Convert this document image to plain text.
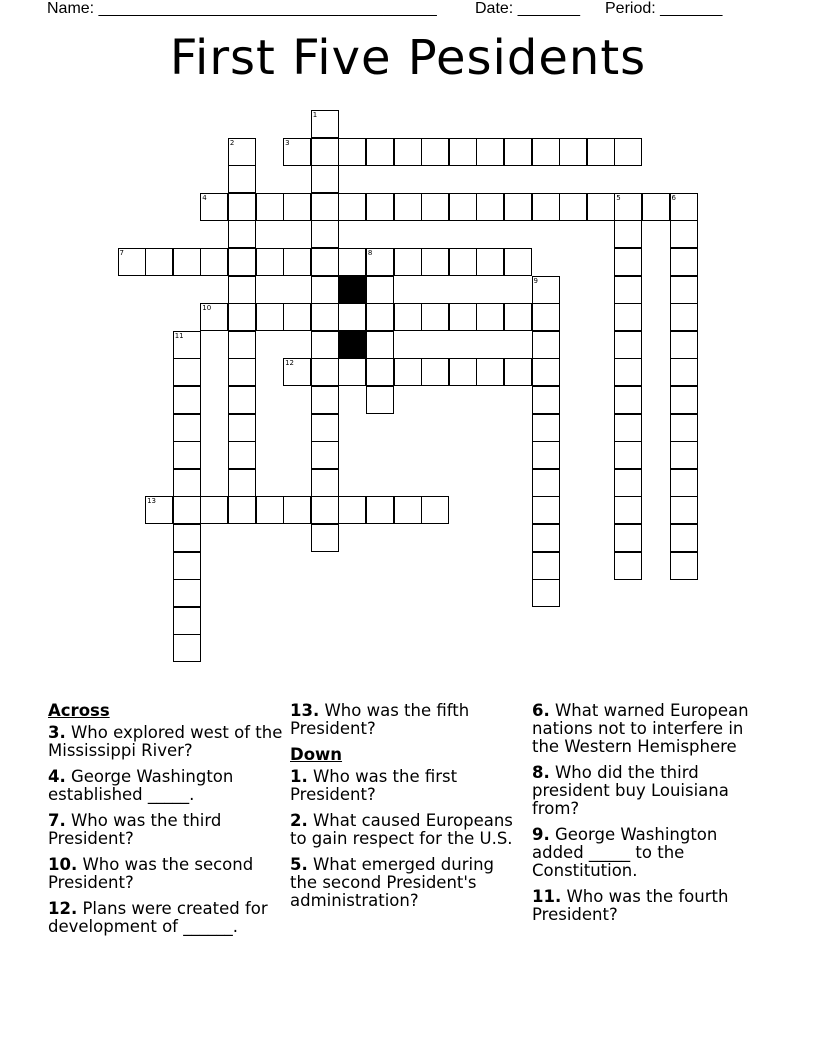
Name: ______________________________________ Date: _______ Period: _______
First Five Pesidents
1
2	3
4	5	6
7	8
9
10
11
12
13
Across
3. Who explored west of the Mississippi River?
4. George Washington established _____.
7. Who was the third President?
10. Who was the second President?
12. Plans were created for development of ______.
13. Who was the fifth President?
Down
1. Who was the first President?
2. What caused Europeans to gain respect for the U.S.
5. What emerged during the second President's administration?
6. What warned European nations not to interfere in the Western Hemisphere
8. Who did the third president buy Louisiana from?
9. George Washington added _____ to the Constitution.
11. Who was the fourth President?
